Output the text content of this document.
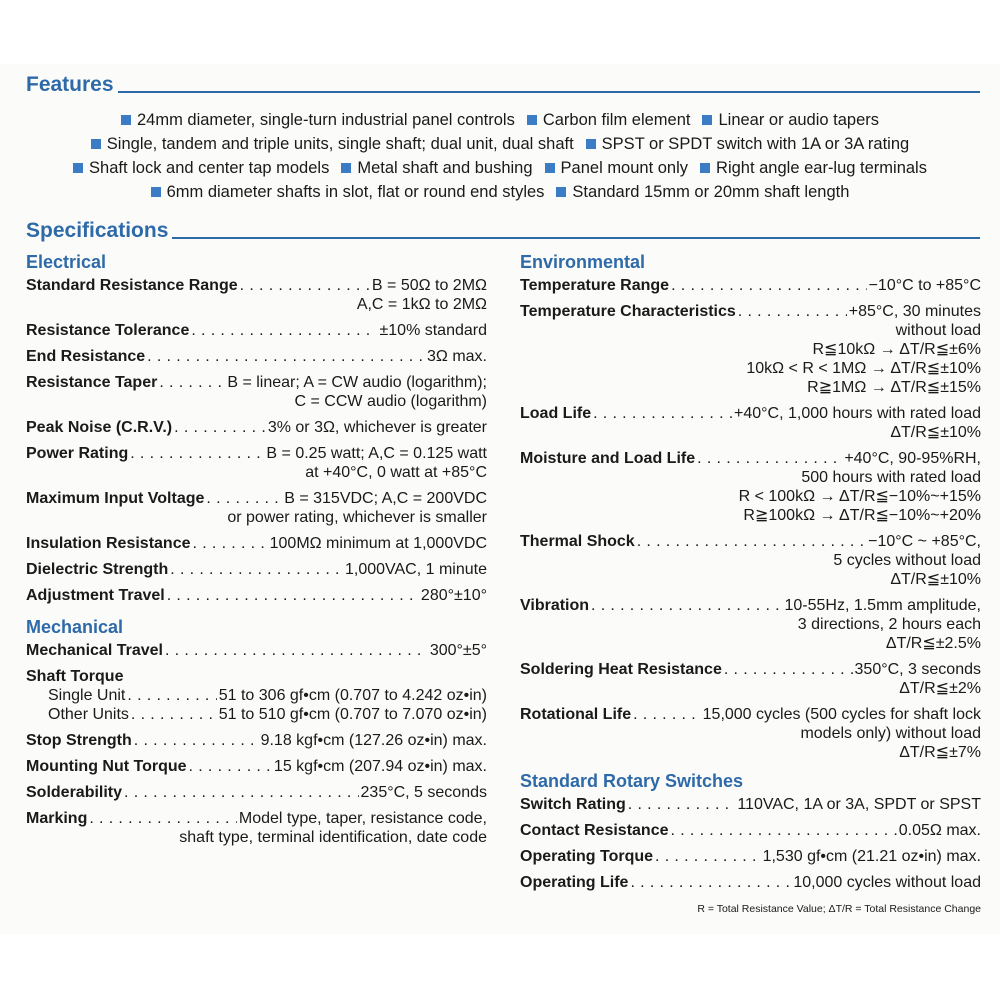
Features
24mm diameter, single-turn industrial panel controls Carbon film element Linear or audio tapers
Single, tandem and triple units, single shaft; dual unit, dual shaft SPST or SPDT switch with 1A or 3A rating
Shaft lock and center tap models Metal shaft and bushing Panel mount only Right angle ear-lug terminals
6mm diameter shafts in slot, flat or round end styles Standard 15mm or 20mm shaft length
Specifications
Electrical
Standard Resistance Range . . .	B = 50Ω to 2MΩ
A,C = 1kΩ to 2MΩ
Resistance Tolerance . . .	±10% standard
End Resistance . . .	3Ω max.
Resistance Taper . . .	B = linear; A = CW audio (logarithm);
C = CCW audio (logarithm)
Peak Noise (C.R.V.) . . .	3% or 3Ω, whichever is greater
Power Rating . . .	B = 0.25 watt; A,C = 0.125 watt
at +40°C, 0 watt at +85°C
Maximum Input Voltage . . .	B = 315VDC; A,C = 200VDC
or power rating, whichever is smaller
Insulation Resistance . . .	100MΩ minimum at 1,000VDC
Dielectric Strength . . .	1,000VAC, 1 minute
Adjustment Travel . . .	280°±10°
Mechanical
Mechanical Travel . . .	300°±5°
Shaft Torque
Single Unit . . .	51 to 306 gf•cm (0.707 to 4.242 oz•in)
Other Units . . .	51 to 510 gf•cm (0.707 to 7.070 oz•in)
Stop Strength . . .	9.18 kgf•cm (127.26 oz•in) max.
Mounting Nut Torque . . .	15 kgf•cm (207.94 oz•in) max.
Solderability . . .	235°C, 5 seconds
Marking . . .	Model type, taper, resistance code,
shaft type, terminal identification, date code
Environmental
Temperature Range . . .	−10°C to +85°C
Temperature Characteristics . . .	+85°C, 30 minutes
without load
R≦10kΩ → ΔT/R≦±6%
10kΩ < R < 1MΩ → ΔT/R≦±10%
R≧1MΩ → ΔT/R≦±15%
Load Life . . .	+40°C, 1,000 hours with rated load
ΔT/R≦±10%
Moisture and Load Life . . .	+40°C, 90-95%RH,
500 hours with rated load
R < 100kΩ → ΔT/R≦−10%~+15%
R≧100kΩ → ΔT/R≦−10%~+20%
Thermal Shock . . .	−10°C ~ +85°C,
5 cycles without load
ΔT/R≦±10%
Vibration . . .	10-55Hz, 1.5mm amplitude,
3 directions, 2 hours each
ΔT/R≦±2.5%
Soldering Heat Resistance . . .	350°C, 3 seconds
ΔT/R≦±2%
Rotational Life . . .	15,000 cycles (500 cycles for shaft lock
models only) without load
ΔT/R≦±7%
Standard Rotary Switches
Switch Rating . . .	110VAC, 1A or 3A, SPDT or SPST
Contact Resistance . . .	0.05Ω max.
Operating Torque . . .	1,530 gf•cm (21.21 oz•in) max.
Operating Life . . .	10,000 cycles without load
R = Total Resistance Value; ΔT/R = Total Resistance Change
